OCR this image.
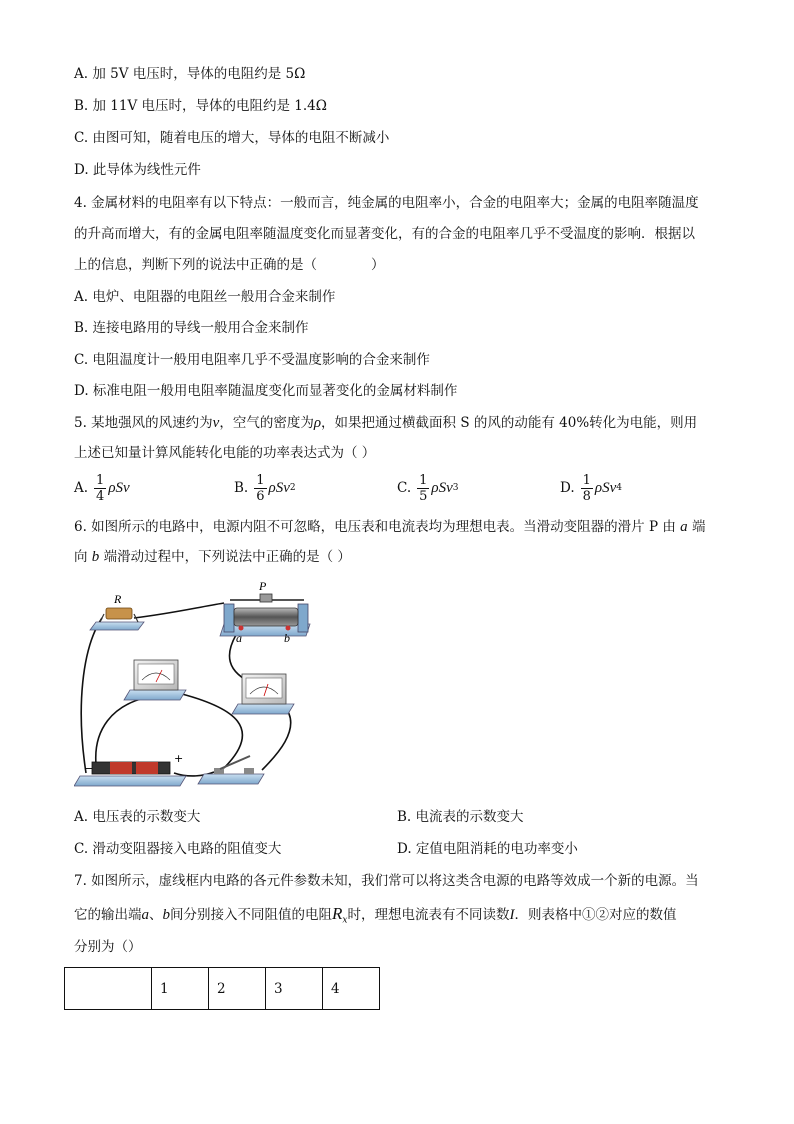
A. 加 5V 电压时，导体的电阻约是 5Ω
B. 加 11V 电压时，导体的电阻约是 1.4Ω
C. 由图可知，随着电压的增大，导体的电阻不断减小
D. 此导体为线性元件
4. 金属材料的电阻率有以下特点：一般而言，纯金属的电阻率小，合金的电阻率大；金属的电阻率随温度
的升高而增大，有的金属电阻率随温度变化而显著变化，有的合金的电阻率几乎不受温度的影响．根据以
上的信息，判断下列的说法中正确的是（	）
A. 电炉、电阻器的电阻丝一般用合金来制作
B. 连接电路用的导线一般用合金来制作
C. 电阻温度计一般用电阻率几乎不受温度影响的合金来制作
D. 标准电阻一般用电阻率随温度变化而显著变化的金属材料制作
5. 某地强风的风速约为v，空气的密度为ρ，如果把通过横截面积 S 的风的动能有 40%转化为电能，则用
上述已知量计算风能转化电能的功率表达式为（ ）
A. $\frac{1}{4}$ ρSv	B. $\frac{1}{6}$ ρSv 2	C. $\frac{1}{5}$ ρSv 3	D. $\frac{1}{8}$ ρSv 4
6. 如图所示的电路中，电源内阻不可忽略，电压表和电流表均为理想电表。当滑动变阻器的滑片 P 由 a 端
向 b 端滑动过程中，下列说法中正确的是（ ）
R
P
a	b
−
+
A. 电压表的示数变大	B. 电流表的示数变大
C. 滑动变阻器接入电路的阻值变大	D. 定值电阻消耗的电功率变小
7. 如图所示，虚线框内电路的各元件参数未知，我们常可以将这类含电源的电路等效成一个新的电源。当
它的输出端a、b间分别接入不同阻值的电阻$R_x$时，理想电流表有不同读数I．则表格中①②对应的数值
分别为（）
	1	2	3	4
